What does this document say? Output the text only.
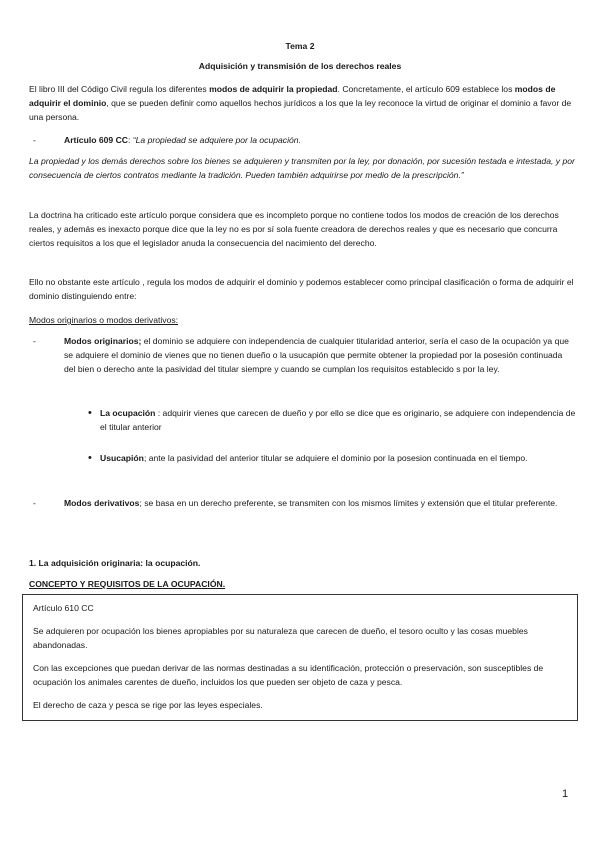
Tema 2
Adquisición y transmisión de los derechos reales

El libro III del Código Civil regula los diferentes modos de adquirir la propiedad. Concretamente, el artículo 609 establece los modos de adquirir el dominio, que se pueden definir como aquellos hechos jurídicos a los que la ley reconoce la virtud de originar el dominio a favor de una persona.

-	Artículo 609 CC: “La propiedad se adquiere por la ocupación.

La propiedad y los demás derechos sobre los bienes se adquieren y transmiten por la ley, por donación, por sucesión testada e intestada, y por consecuencia de ciertos contratos mediante la tradición. Pueden también adquirirse por medio de la prescripción.”

La doctrina ha criticado este artículo porque considera que es incompleto porque no contiene todos los modos de creación de los derechos reales, y además es inexacto porque dice que la ley no es por sí sola fuente creadora de derechos reales y que es necesario que concurra ciertos requisitos a los que el legislador anuda la consecuencia del nacimiento del derecho.

Ello no obstante este artículo , regula los modos de adquirir el dominio y podemos establecer como principal clasificación o forma de adquirir el dominio distinguiendo entre:

Modos originarios o modos derivativos:
-	Modos originarios; el dominio se adquiere con independencia de cualquier titularidad anterior, sería el caso de la ocupación ya que se adquiere el dominio de vienes que no tienen dueño o la usucapión que permite obtener la propiedad por la posesión continuada del bien o derecho ante la pasividad del titular siempre y cuando se cumplan los requisitos establecido s por la ley.

• La ocupación : adquirir vienes que carecen de dueño y por ello se dice que es originario, se adquiere con independencia de el titular anterior

• Usucapión; ante la pasividad del anterior titular se adquiere el dominio por la posesion continuada en el tiempo.

-	Modos derivativos; se basa en un derecho preferente, se transmiten con los mismos límites y extensión que el titular preferente.

1. La adquisición originaria: la ocupación.
CONCEPTO Y REQUISITOS DE LA OCUPACIÓN.
Artículo 610 CC

Se adquieren por ocupación los bienes apropiables por su naturaleza que carecen de dueño, el tesoro oculto y las cosas muebles abandonadas.

Con las excepciones que puedan derivar de las normas destinadas a su identificación, protección o preservación, son susceptibles de ocupación los animales carentes de dueño, incluidos los que pueden ser objeto de caza y pesca.

El derecho de caza y pesca se rige por las leyes especiales.

1
